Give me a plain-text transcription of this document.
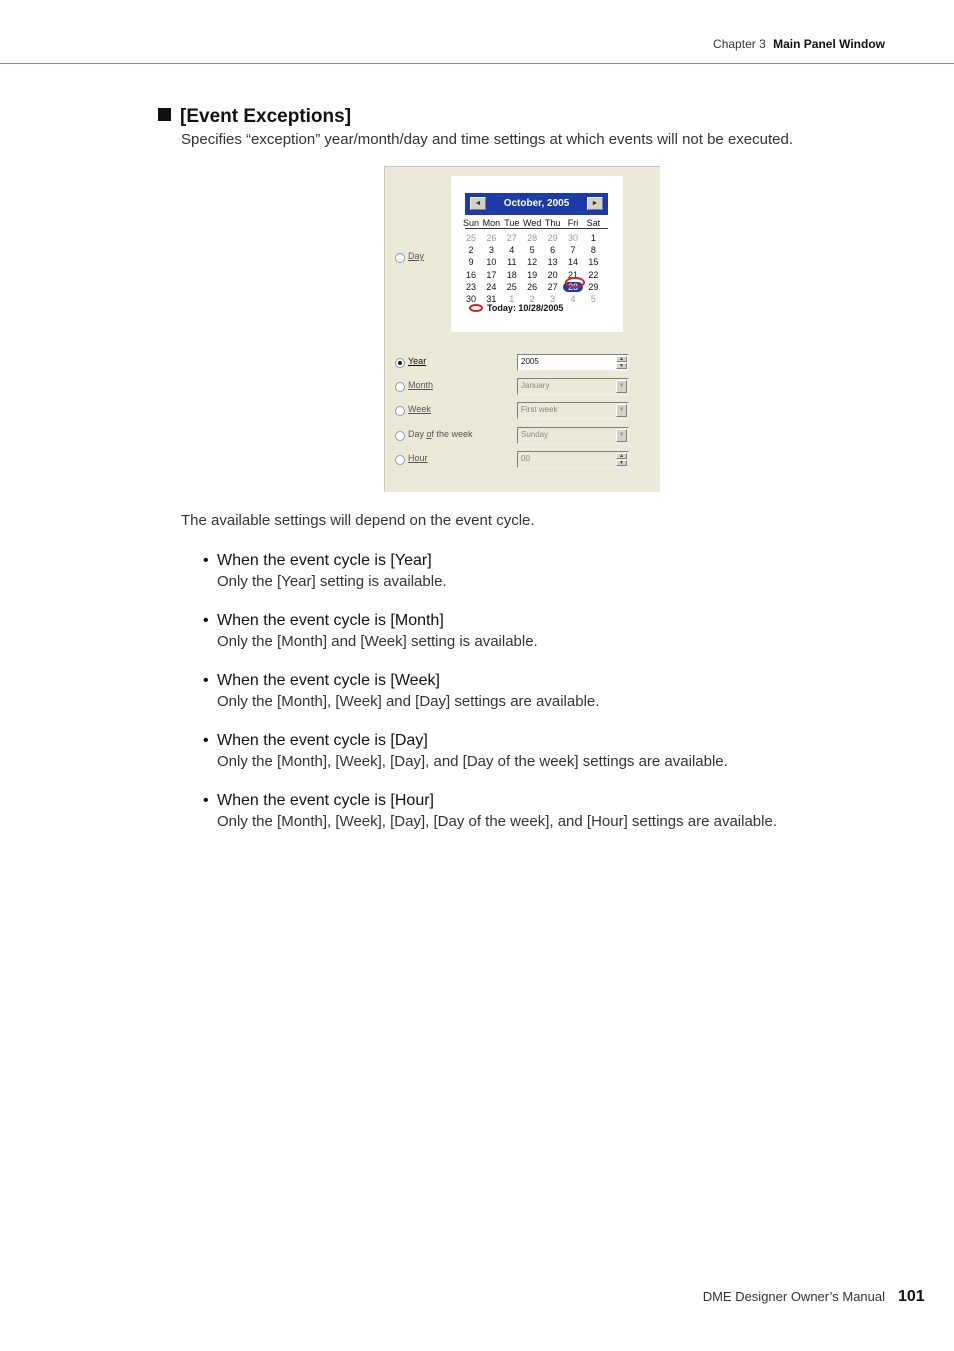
Chapter 3 Main Panel Window
[Event Exceptions]
Specifies “exception” year/month/day and time settings at which events will not be executed.
Day
◄	October, 2005	►
Sun Mon Tue Wed Thu Fri Sat
25	26	27	28	29	30	1
2	3	4	5	6	7	8
9	10	11	12	13	14	15
16	17	18	19	20	21	22
23	24	25	26	27	28	29
30	31	1	2	3	4	5
Today: 10/28/2005
Year	2005	▲
▼
Month	January	▼
Week	First week	▼
Day of the week	Sunday	▼
Hour	00	▲
▼
The available settings will depend on the event cycle.
• When the event cycle is [Year]
Only the [Year] setting is available.
• When the event cycle is [Month]
Only the [Month] and [Week] setting is available.
• When the event cycle is [Week]
Only the [Month], [Week] and [Day] settings are available.
• When the event cycle is [Day]
Only the [Month], [Week], [Day], and [Day of the week] settings are available.
• When the event cycle is [Hour]
Only the [Month], [Week], [Day], [Day of the week], and [Hour] settings are available.
DME Designer Owner’s Manual 101
